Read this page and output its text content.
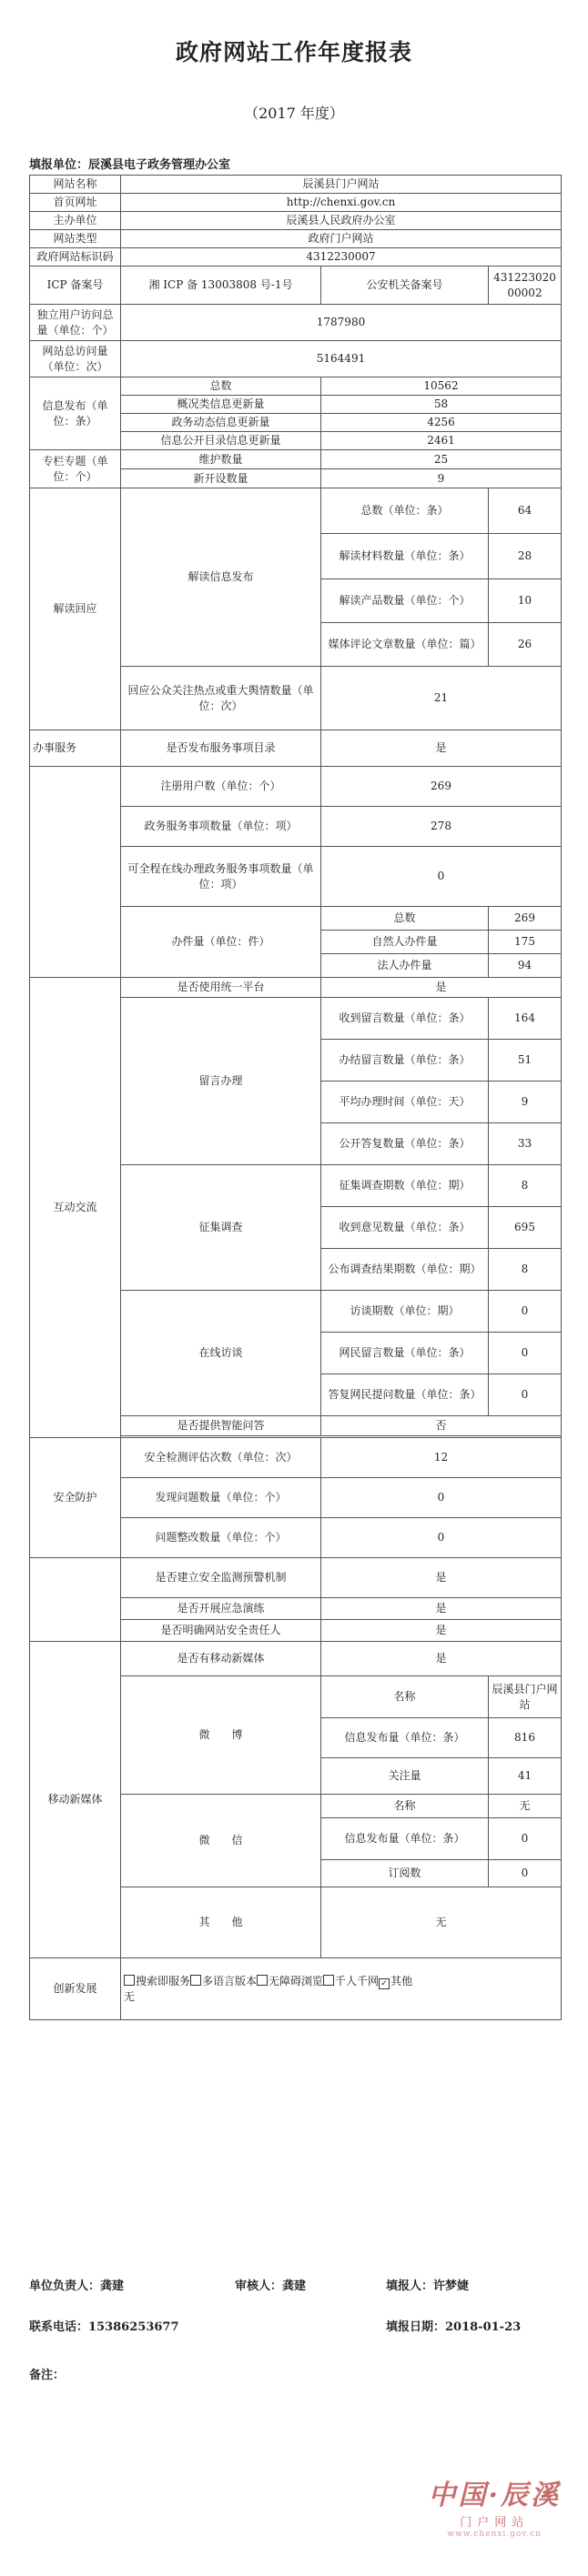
政府网站工作年度报表
（2017 年度）
填报单位：辰溪县电子政务管理办公室
网站名称	辰溪县门户网站		
首页网址	http://chenxi.gov.cn		
主办单位	辰溪县人民政府办公室		
网站类型	政府门户网站		
政府网站标识码	4312230007		
ICP 备案号	湘 ICP 备 13003808 号-1号	公安机关备案号	43122302000002
独立用户访问总量（单位：个）	1787980		
网站总访问量（单位：次）	5164491		
信息发布（单位：条）	总数	10562	
	概况类信息更新量	58	
	政务动态信息更新量	4256	
	信息公开目录信息更新量	2461	
专栏专题（单位：个）	维护数量	25	
	新开设数量	9	
解读回应	解读信息发布	总数（单位：条）	64
		解读材料数量（单位：条）	28
		解读产品数量（单位：个）	10
		媒体评论文章数量（单位：篇）	26
	回应公众关注热点或重大舆情数量（单位：次）	21	
办事服务	是否发布服务事项目录	是	
	注册用户数（单位：个）	269	
	政务服务事项数量（单位：项）	278	
	可全程在线办理政务服务事项数量（单位：项）	0	
	办件量（单位：件）	总数	269
		自然人办件量	175
		法人办件量	94
互动交流	是否使用统一平台	是	
	留言办理	收到留言数量（单位：条）	164
		办结留言数量（单位：条）	51
		平均办理时间（单位：天）	9
		公开答复数量（单位：条）	33
	征集调查	征集调查期数（单位：期）	8
		收到意见数量（单位：条）	695
		公布调查结果期数（单位：期）	8
	在线访谈	访谈期数（单位：期）	0
		网民留言数量（单位：条）	0
		答复网民提问数量（单位：条）	0
	是否提供智能问答	否	

安全防护	安全检测评估次数（单位：次）	12	
	发现问题数量（单位：个）	0	
	问题整改数量（单位：个）	0	
	是否建立安全监测预警机制	是	
	是否开展应急演练	是	
	是否明确网站安全责任人	是	
移动新媒体	是否有移动新媒体	是	
	微　　博	名称	辰溪县门户网站
		信息发布量（单位：条）	816
		关注量	41
	微　　信	名称	无
		信息发布量（单位：条）	0
		订阅数	0
	其　　他	无	
创新发展	搜索即服务 多语言版本 无障碍浏览 千人千网 ✓ 其他
无		
单位负责人：龚建	审核人：龚建	填报人：许梦婕
联系电话：15386253677	填报日期：2018-01-23
备注：
中国·辰溪
门户网站
www.chenxi.gov.cn
